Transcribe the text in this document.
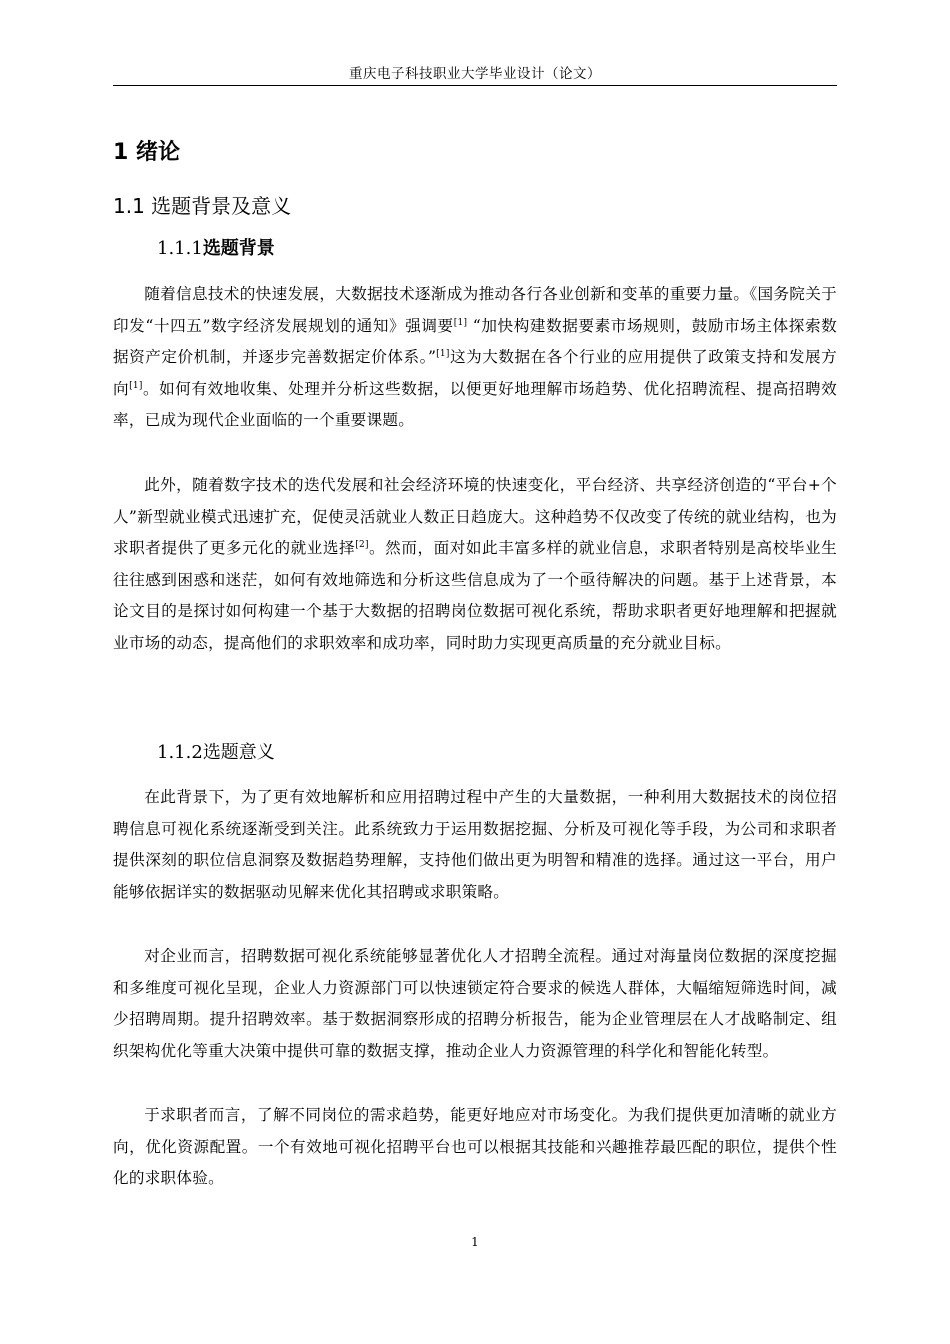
重庆电子科技职业大学毕业设计（论文）
1 绪论
1.1 选题背景及意义
1.1.1选题背景

随着信息技术的快速发展，大数据技术逐渐成为推动各行各业创新和变革的重要力量。《国务院关于印发“十四五”数字经济发展规划的通知》强调要[1] “加快构建数据要素市场规则，鼓励市场主体探索数据资产定价机制，并逐步完善数据定价体系。”[1]这为大数据在各个行业的应用提供了政策支持和发展方向[1]。如何有效地收集、处理并分析这些数据，以便更好地理解市场趋势、优化招聘流程、提高招聘效率，已成为现代企业面临的一个重要课题。

此外，随着数字技术的迭代发展和社会经济环境的快速变化，平台经济、共享经济创造的“平台+个人”新型就业模式迅速扩充，促使灵活就业人数正日趋庞大。这种趋势不仅改变了传统的就业结构，也为求职者提供了更多元化的就业选择[2]。然而，面对如此丰富多样的就业信息，求职者特别是高校毕业生往往感到困惑和迷茫，如何有效地筛选和分析这些信息成为了一个亟待解决的问题。基于上述背景，本论文目的是探讨如何构建一个基于大数据的招聘岗位数据可视化系统，帮助求职者更好地理解和把握就业市场的动态，提高他们的求职效率和成功率，同时助力实现更高质量的充分就业目标。

1.1.2选题意义

在此背景下，为了更有效地解析和应用招聘过程中产生的大量数据，一种利用大数据技术的岗位招聘信息可视化系统逐渐受到关注。此系统致力于运用数据挖掘、分析及可视化等手段，为公司和求职者提供深刻的职位信息洞察及数据趋势理解，支持他们做出更为明智和精准的选择。通过这一平台，用户能够依据详实的数据驱动见解来优化其招聘或求职策略。

对企业而言，招聘数据可视化系统能够显著优化人才招聘全流程。通过对海量岗位数据的深度挖掘和多维度可视化呈现，企业人力资源部门可以快速锁定符合要求的候选人群体，大幅缩短筛选时间，减少招聘周期。提升招聘效率。基于数据洞察形成的招聘分析报告，能为企业管理层在人才战略制定、组织架构优化等重大决策中提供可靠的数据支撑，推动企业人力资源管理的科学化和智能化转型。

于求职者而言，了解不同岗位的需求趋势，能更好地应对市场变化。为我们提供更加清晰的就业方向，优化资源配置。一个有效地可视化招聘平台也可以根据其技能和兴趣推荐最匹配的职位，提供个性化的求职体验。

1
